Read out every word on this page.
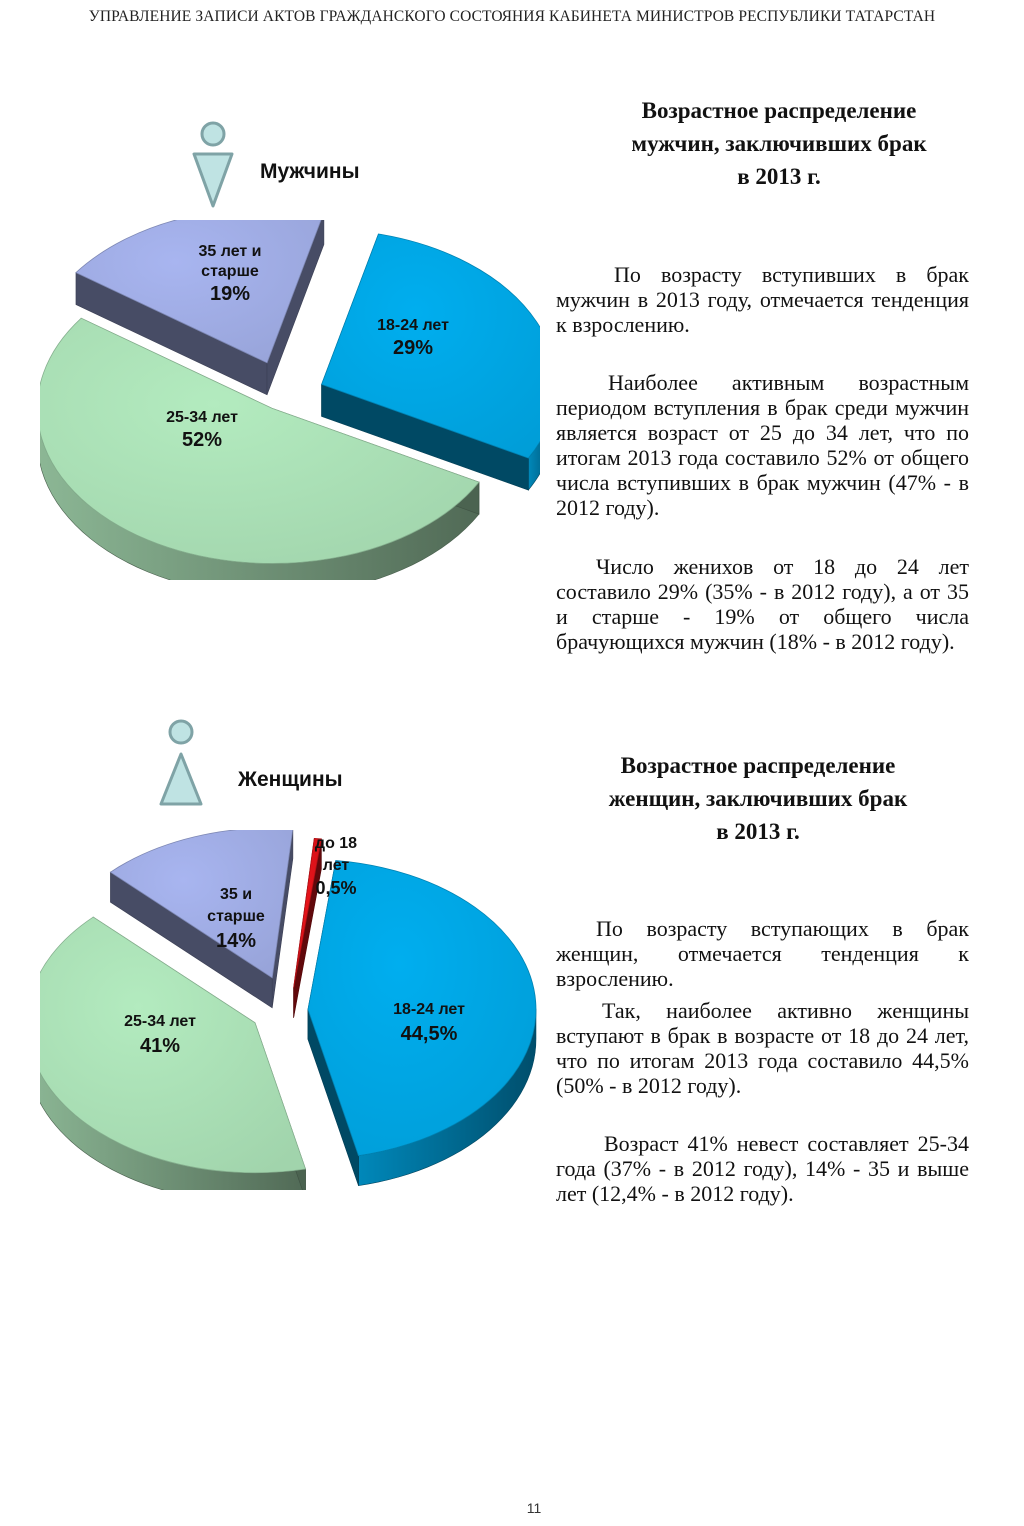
УПРАВЛЕНИЕ ЗАПИСИ АКТОВ ГРАЖДАНСКОГО СОСТОЯНИЯ КАБИНЕТА МИНИСТРОВ РЕСПУБЛИКИ ТАТАРСТАН
Мужчины
18-24 лет
29%
25-34 лет
52%
35 лет и
старше
19%
Возрастное распределение
мужчин, заключивших брак
в 2013 г.

По возрасту вступивших в брак мужчин в 2013 году, отмечается тенденция к взрослению.

Наиболее активным возрастным периодом вступления в брак среди мужчин является возраст от 25 до 34 лет, что по итогам 2013 года составило 52% от общего числа вступивших в брак мужчин (47% - в 2012 году).

Число женихов от 18 до 24 лет составило 29% (35% - в 2012 году), а от 35 и старше - 19% от общего числа брачующихся мужчин (18% - в 2012 году).

Женщины
18-24 лет
44,5%
25-34 лет
41%
35 и
старше
14%
до 18
лет
0,5%
Возрастное распределение
женщин, заключивших брак
в 2013 г.

По возрасту вступающих в брак женщин, отмечается тенденция к взрослению.

Так, наиболее активно женщины вступают в брак в возрасте от 18 до 24 лет, что по итогам 2013 года составило 44,5% (50% - в 2012 году).

Возраст 41% невест составляет 25-34 года (37% - в 2012 году), 14% - 35 и выше лет (12,4% - в 2012 году).

11
